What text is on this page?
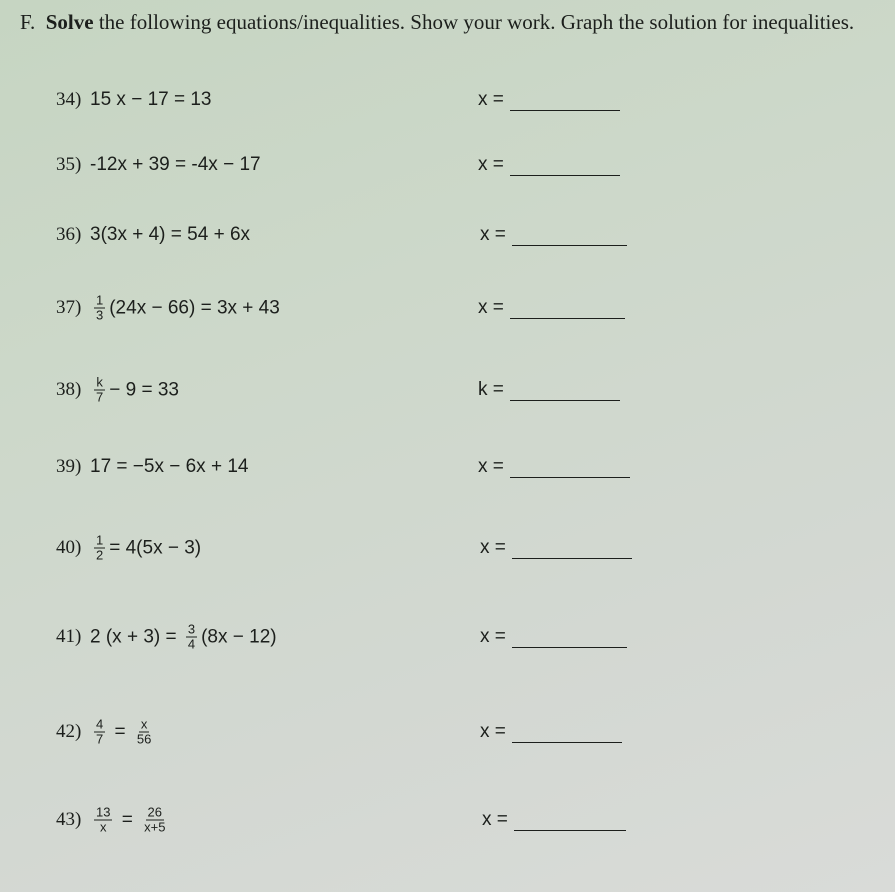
F. Solve the following equations/inequalities. Show your work. Graph the solution for inequalities.
34) 15 x − 17 = 13	x =
35) -12x + 39 = -4x − 17	x =
36) 3(3x + 4) = 54 + 6x	x =
$37) \frac{1}{3} (24x - 66) = 3x + 43$	x =
$38) \frac{k}{7} - 9 = 33$	k =
39) 17 = −5x − 6x + 14	x =
$40) \frac{1}{2} = 4(5x - 3)$	x =
41) 2 $(x + 3) = \frac{3}{4} (8x - 12)$	x =
$42) \frac{4}{7} = \frac{x}{56}$	x =
$43) \frac{13}{x} = \frac{26}{x+5}$	x =
